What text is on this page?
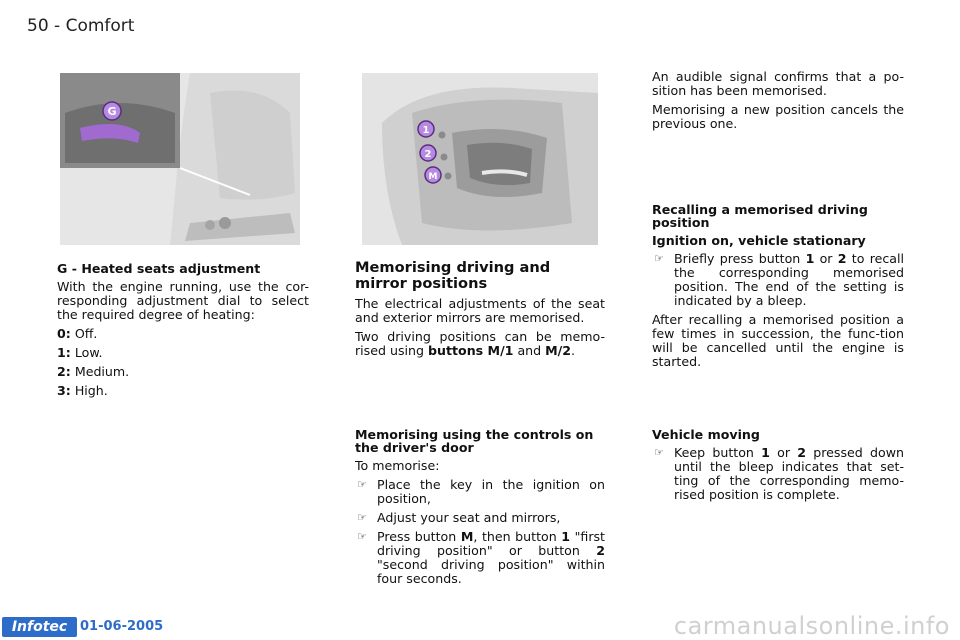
50 - Comfort
G
1
2
M

G - Heated seats adjustment

With the engine running, use the cor-responding adjustment dial to select the required degree of heating:

0: Off.

1: Low.

2: Medium.

3: High.

Memorising driving and mirror positions

The electrical adjustments of the seat and exterior mirrors are memorised.

Two driving positions can be memo-rised using buttons M/1 and M/2.

Memorising using the controls on the driver's door

To memorise:

☞ Place the key in the ignition on position,
☞ Adjust your seat and mirrors,
☞ Press button M, then button 1 "first driving position" or button 2 "second driving position" within four seconds.

An audible signal confirms that a po-sition has been memorised.

Memorising a new position cancels the previous one.

Recalling a memorised driving position

Ignition on, vehicle stationary

☞ Briefly press button 1 or 2 to recall the corresponding memorised position. The end of the setting is indicated by a bleep.

After recalling a memorised position a few times in succession, the func-tion will be cancelled until the engine is started.

Vehicle moving

☞ Keep button 1 or 2 pressed down until the bleep indicates that set-ting of the corresponding memo-rised position is complete.
Infotec 01-06-2005	carmanualsonline.info
